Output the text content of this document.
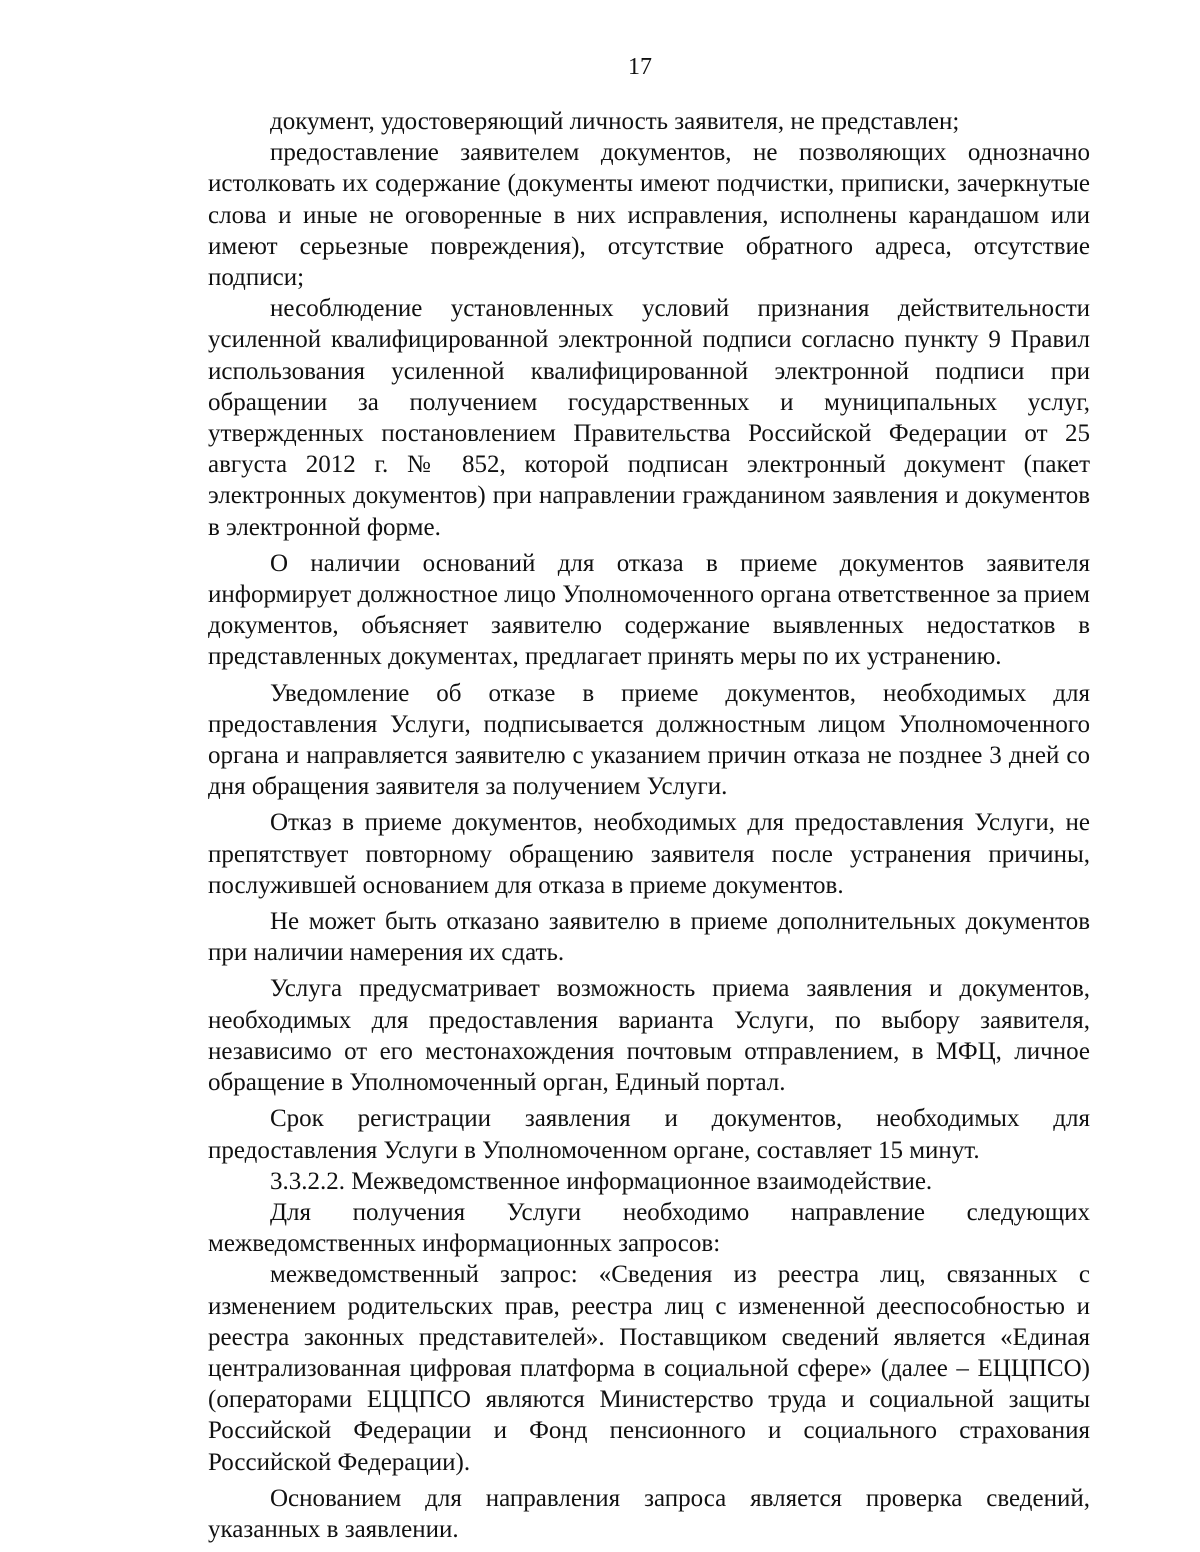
17

документ, удостоверяющий личность заявителя, не представлен;

предоставление заявителем документов, не позволяющих однозначно истолковать их содержание (документы имеют подчистки, приписки, зачеркнутые слова и иные не оговоренные в них исправления, исполнены карандашом или имеют серьезные повреждения), отсутствие обратного адреса, отсутствие подписи;

несоблюдение установленных условий признания действительности усиленной квалифицированной электронной подписи согласно пункту 9 Правил использования усиленной квалифицированной электронной подписи при обращении за получением государственных и муниципальных услуг, утвержденных постановлением Правительства Российской Федерации от 25 августа 2012 г. № 852, которой подписан электронный документ (пакет электронных документов) при направлении гражданином заявления и документов в электронной форме.

О наличии оснований для отказа в приеме документов заявителя информирует должностное лицо Уполномоченного органа ответственное за прием документов, объясняет заявителю содержание выявленных недостатков в представленных документах, предлагает принять меры по их устранению.

Уведомление об отказе в приеме документов, необходимых для предоставления Услуги, подписывается должностным лицом Уполномоченного органа и направляется заявителю с указанием причин отказа не позднее 3 дней со дня обращения заявителя за получением Услуги.

Отказ в приеме документов, необходимых для предоставления Услуги, не препятствует повторному обращению заявителя после устранения причины, послужившей основанием для отказа в приеме документов.

Не может быть отказано заявителю в приеме дополнительных документов при наличии намерения их сдать.

Услуга предусматривает возможность приема заявления и документов, необходимых для предоставления варианта Услуги, по выбору заявителя, независимо от его местонахождения почтовым отправлением, в МФЦ, личное обращение в Уполномоченный орган, Единый портал.

Срок регистрации заявления и документов, необходимых для предоставления Услуги в Уполномоченном органе, составляет 15 минут.

3.3.2.2. Межведомственное информационное взаимодействие.

Для получения Услуги необходимо направление следующих межведомственных информационных запросов:

межведомственный запрос: «Сведения из реестра лиц, связанных с изменением родительских прав, реестра лиц с измененной дееспособностью и реестра законных представителей». Поставщиком сведений является «Единая централизованная цифровая платформа в социальной сфере» (далее – ЕЦЦПСО) (операторами ЕЦЦПСО являются Министерство труда и социальной защиты Российской Федерации и Фонд пенсионного и социального страхования Российской Федерации).

Основанием для направления запроса является проверка сведений, указанных в заявлении.
